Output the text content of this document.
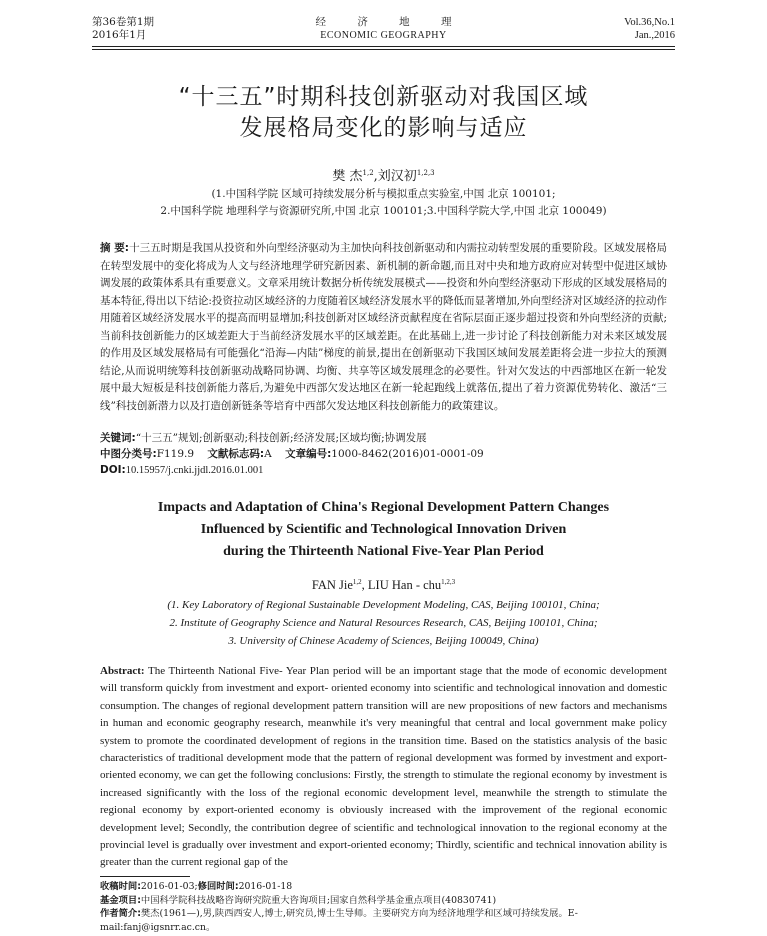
第36卷第1期
2016年1月
经 济 地 理
ECONOMIC GEOGRAPHY
Vol.36,No.1
Jan.,2016
“十三五”时期科技创新驱动对我国区域
发展格局变化的影响与适应
樊 杰$^{1,2}$,刘汉初$^{1,2,3}$
(1.中国科学院 区域可持续发展分析与模拟重点实验室,中国 北京 100101;
2.中国科学院 地理科学与资源研究所,中国 北京 100101;3.中国科学院大学,中国 北京 100049)
摘 要:十三五时期是我国从投资和外向型经济驱动为主加快向科技创新驱动和内需拉动转型发展的重要阶段。区域发展格局在转型发展中的变化将成为人文与经济地理学研究新因素、新机制的新命题,而且对中央和地方政府应对转型中促进区域协调发展的政策体系具有重要意义。文章采用统计数据分析传统发展模式——投资和外向型经济驱动下形成的区域发展格局的基本特征,得出以下结论:投资拉动区域经济的力度随着区域经济发展水平的降低而显著增加,外向型经济对区域经济的拉动作用随着区域经济发展水平的提高而明显增加;科技创新对区域经济贡献程度在省际层面正逐步超过投资和外向型经济的贡献;当前科技创新能力的区域差距大于当前经济发展水平的区域差距。在此基础上,进一步讨论了科技创新能力对未来区域发展的作用及区域发展格局有可能强化“沿海—内陆”梯度的前景,提出在创新驱动下我国区域间发展差距将会进一步拉大的预测结论,从而说明统筹科技创新驱动战略同协调、均衡、共享等区域发展理念的必要性。针对欠发达的中西部地区在新一轮发展中最大短板是科技创新能力落后,为避免中西部欠发达地区在新一轮起跑线上就落伍,提出了着力资源优势转化、激活“三线”科技创新潜力以及打造创新链条等培育中西部欠发达地区科技创新能力的政策建议。
关键词:“十三五”规划;创新驱动;科技创新;经济发展;区域均衡;协调发展
中图分类号:F119.9 文献标志码:A 文章编号:1000-8462(2016)01-0001-09
DOI:10.15957/j.cnki.jjdl.2016.01.001
Impacts and Adaptation of China's Regional Development Pattern Changes
Influenced by Scientific and Technological Innovation Driven
during the Thirteenth National Five-Year Plan Period
FAN Jie$^{1,2}$, LIU Han - chu$^{1,2,3}$
(1. Key Laboratory of Regional Sustainable Development Modeling, CAS, Beijing 100101, China;
2. Institute of Geography Science and Natural Resources Research, CAS, Beijing 100101, China;
3. University of Chinese Academy of Sciences, Beijing 100049, China)
Abstract: The Thirteenth National Five- Year Plan period will be an important stage that the mode of economic development will transform quickly from investment and export- oriented economy into scientific and technological innovation and domestic consumption. The changes of regional development pattern transition will are new propositions of new factors and mechanisms in human and economic geography research, meanwhile it's very meaningful that central and local government make policy system to promote the coordinated development of regions in the transition time. Based on the statistics analysis of the basic characteristics of traditional development mode that the pattern of regional development was formed by investment and export-oriented economy, we can get the following conclusions: Firstly, the strength to stimulate the regional economy by investment is increased significantly with the loss of the regional economic development level, meanwhile the strength to stimulate the regional economy by export-oriented economy is obviously increased with the improvement of the regional economic development level; Secondly, the contribution degree of scientific and technological innovation to the regional economy at the provincial level is gradually over investment and export-oriented economy; Thirdly, scientific and technical innovation ability is greater than the current regional gap of the
收稿时间:2016-01-03;修回时间:2016-01-18
基金项目:中国科学院科技战略咨询研究院重大咨询项目;国家自然科学基金重点项目(40830741)
作者简介:樊杰(1961—),男,陕西西安人,博士,研究员,博士生导师。主要研究方向为经济地理学和区域可持续发展。E-mail:fanj@igsnrr.ac.cn。
